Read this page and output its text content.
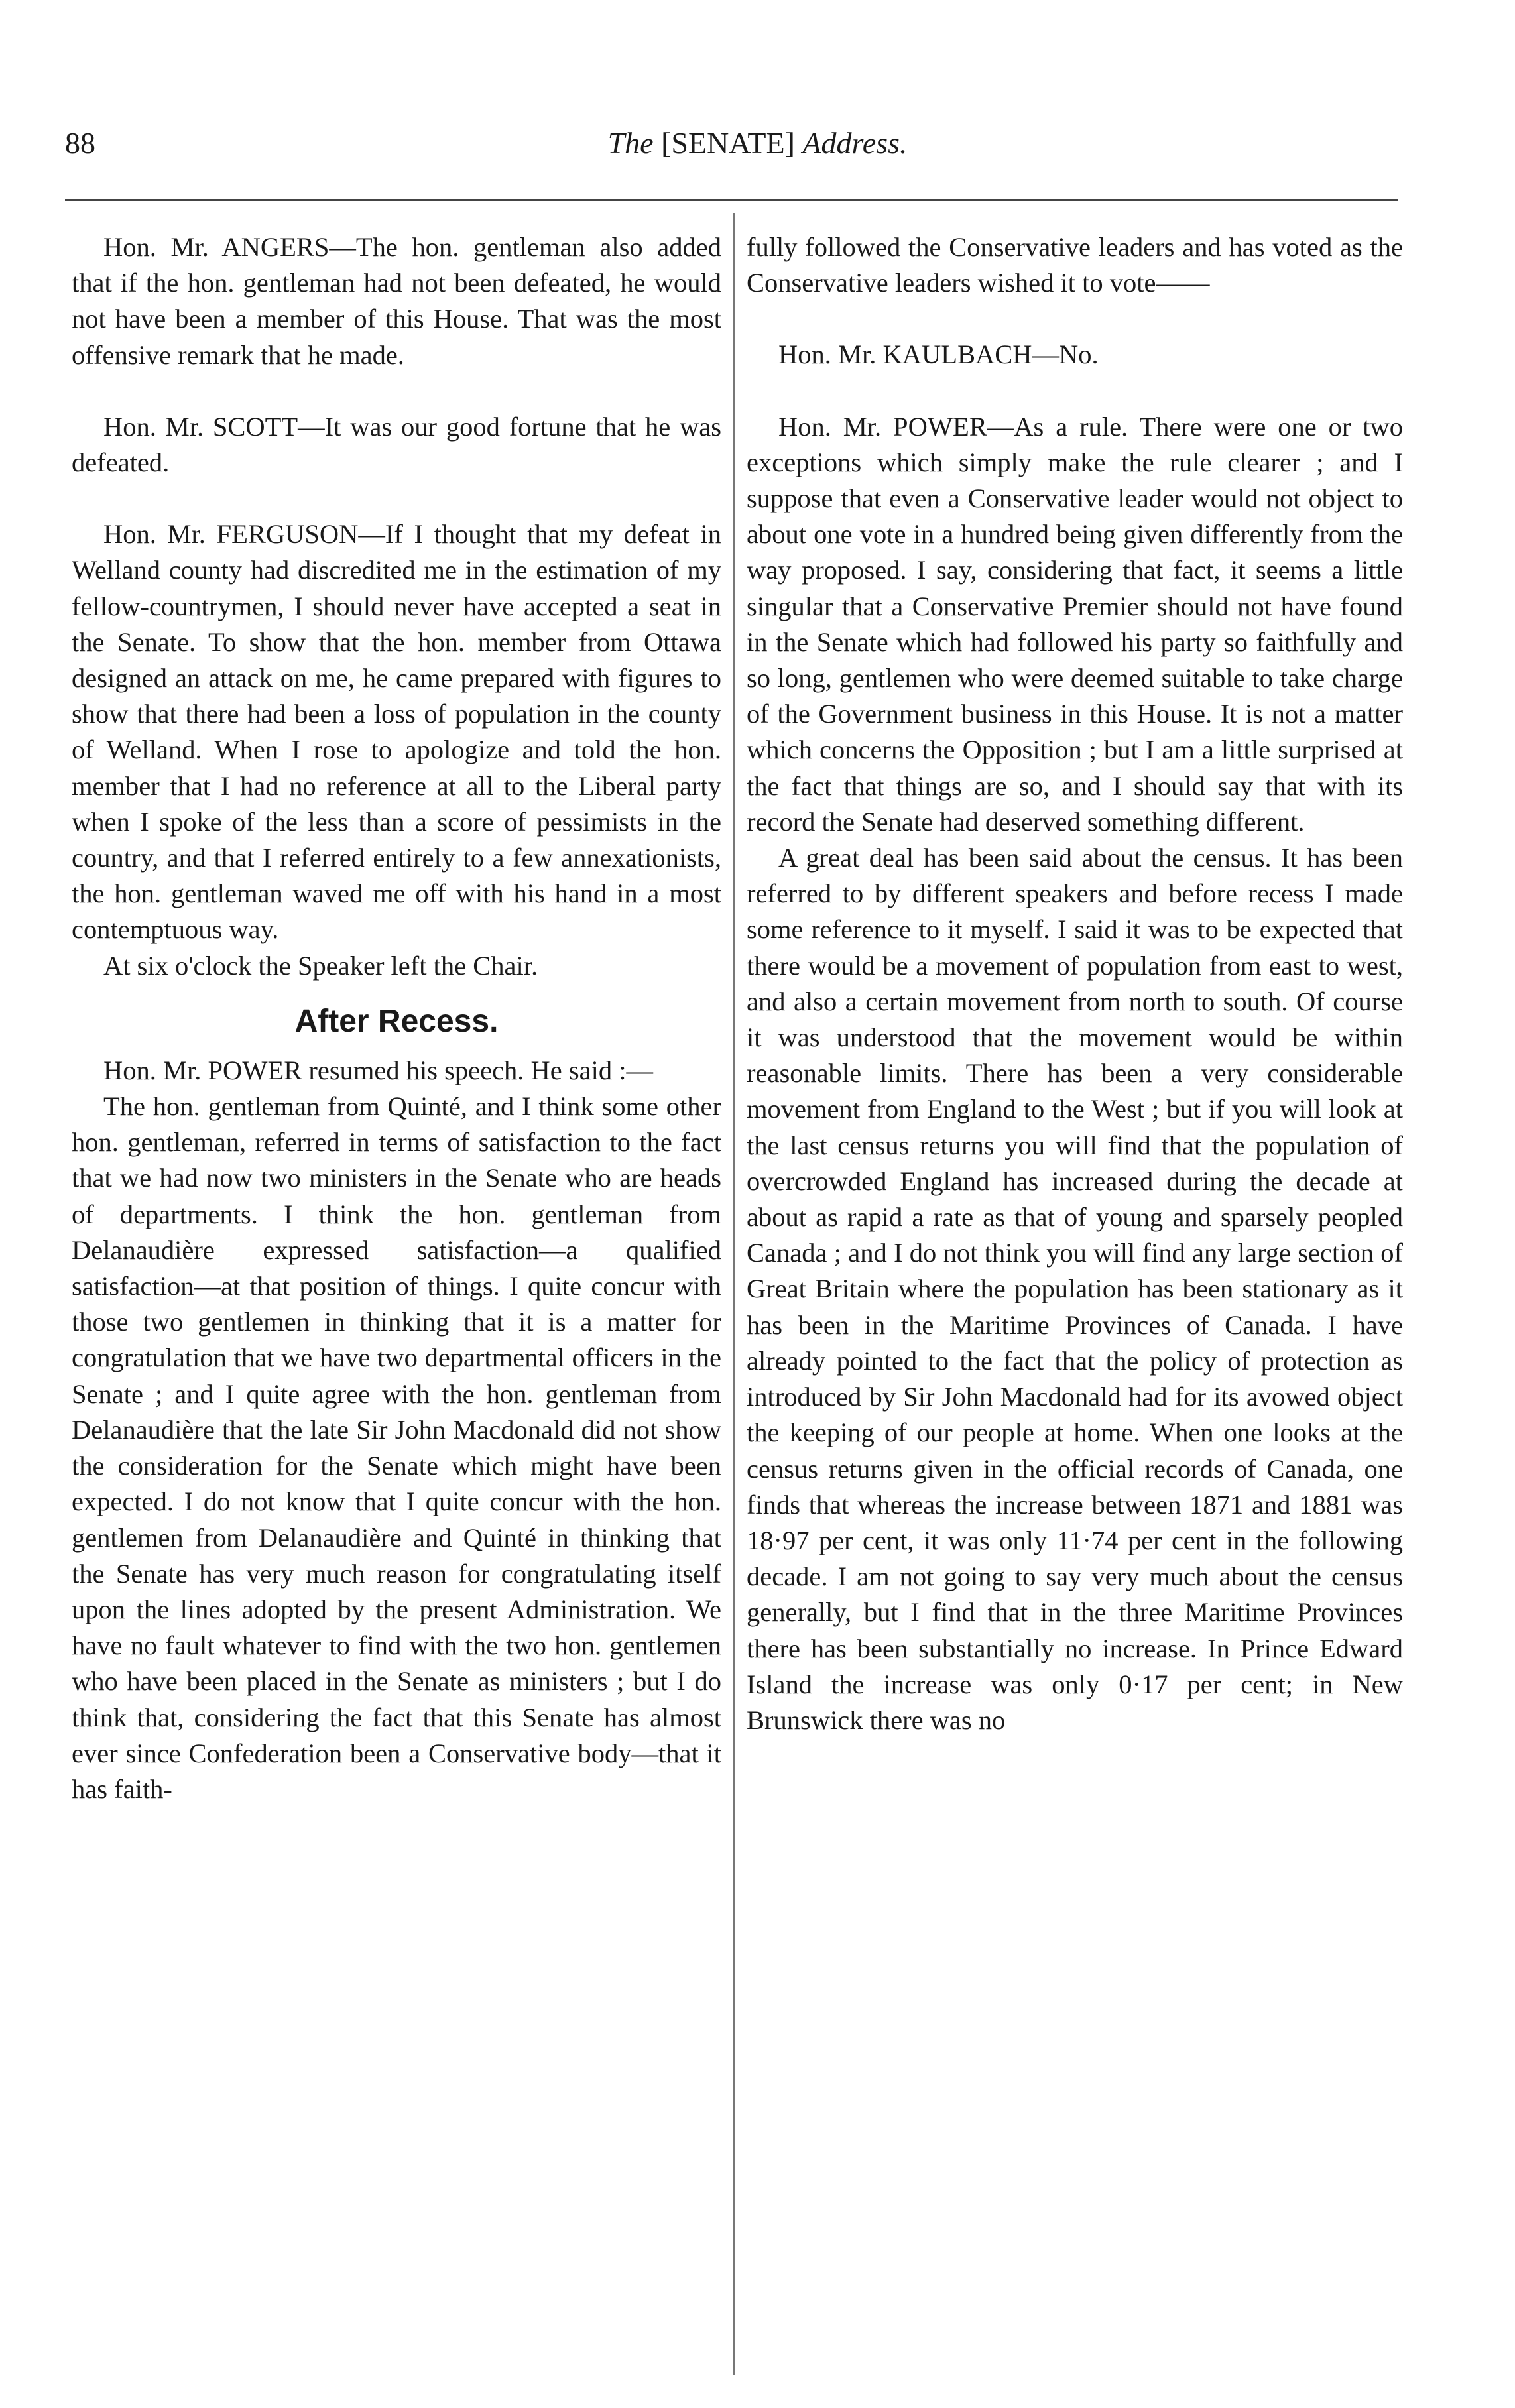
88	The [SENATE] Address.

Hon. Mr. ANGERS—The hon. gentleman also added that if the hon. gentleman had not been defeated, he would not have been a member of this House. That was the most offensive remark that he made.

Hon. Mr. SCOTT—It was our good fortune that he was defeated.

Hon. Mr. FERGUSON—If I thought that my defeat in Welland county had discredited me in the estimation of my fellow-countrymen, I should never have accepted a seat in the Senate. To show that the hon. member from Ottawa designed an attack on me, he came prepared with figures to show that there had been a loss of population in the county of Welland. When I rose to apologize and told the hon. member that I had no reference at all to the Liberal party when I spoke of the less than a score of pessimists in the country, and that I referred entirely to a few annexationists, the hon. gentleman waved me off with his hand in a most contemptuous way.

At six o'clock the Speaker left the Chair.

After Recess.

Hon. Mr. POWER resumed his speech. He said :—

The hon. gentleman from Quinté, and I think some other hon. gentleman, referred in terms of satisfaction to the fact that we had now two ministers in the Senate who are heads of departments. I think the hon. gentleman from Delanaudière expressed satisfaction—a qualified satisfaction—at that position of things. I quite concur with those two gentlemen in thinking that it is a matter for congratulation that we have two departmental officers in the Senate ; and I quite agree with the hon. gentleman from Delanaudière that the late Sir John Macdonald did not show the consideration for the Senate which might have been expected. I do not know that I quite concur with the hon. gentlemen from Delanaudière and Quinté in thinking that the Senate has very much reason for congratulating itself upon the lines adopted by the present Administration. We have no fault whatever to find with the two hon. gentlemen who have been placed in the Senate as ministers ; but I do think that, considering the fact that this Senate has almost ever since Confederation been a Conservative body—that it has faith-

fully followed the Conservative leaders and has voted as the Conservative leaders wished it to vote——

Hon. Mr. KAULBACH—No.

Hon. Mr. POWER—As a rule. There were one or two exceptions which simply make the rule clearer ; and I suppose that even a Conservative leader would not object to about one vote in a hundred being given differently from the way proposed. I say, considering that fact, it seems a little singular that a Conservative Premier should not have found in the Senate which had followed his party so faithfully and so long, gentlemen who were deemed suitable to take charge of the Government business in this House. It is not a matter which concerns the Opposition ; but I am a little surprised at the fact that things are so, and I should say that with its record the Senate had deserved something different.

A great deal has been said about the census. It has been referred to by different speakers and before recess I made some reference to it myself. I said it was to be expected that there would be a movement of population from east to west, and also a certain movement from north to south. Of course it was understood that the movement would be within reasonable limits. There has been a very considerable movement from England to the West ; but if you will look at the last census returns you will find that the population of overcrowded England has increased during the decade at about as rapid a rate as that of young and sparsely peopled Canada ; and I do not think you will find any large section of Great Britain where the population has been stationary as it has been in the Maritime Provinces of Canada. I have already pointed to the fact that the policy of protection as introduced by Sir John Macdonald had for its avowed object the keeping of our people at home. When one looks at the census returns given in the official records of Canada, one finds that whereas the increase between 1871 and 1881 was 18·97 per cent, it was only 11·74 per cent in the following decade. I am not going to say very much about the census generally, but I find that in the three Maritime Provinces there has been substantially no increase. In Prince Edward Island the increase was only 0·17 per cent; in New Brunswick there was no
